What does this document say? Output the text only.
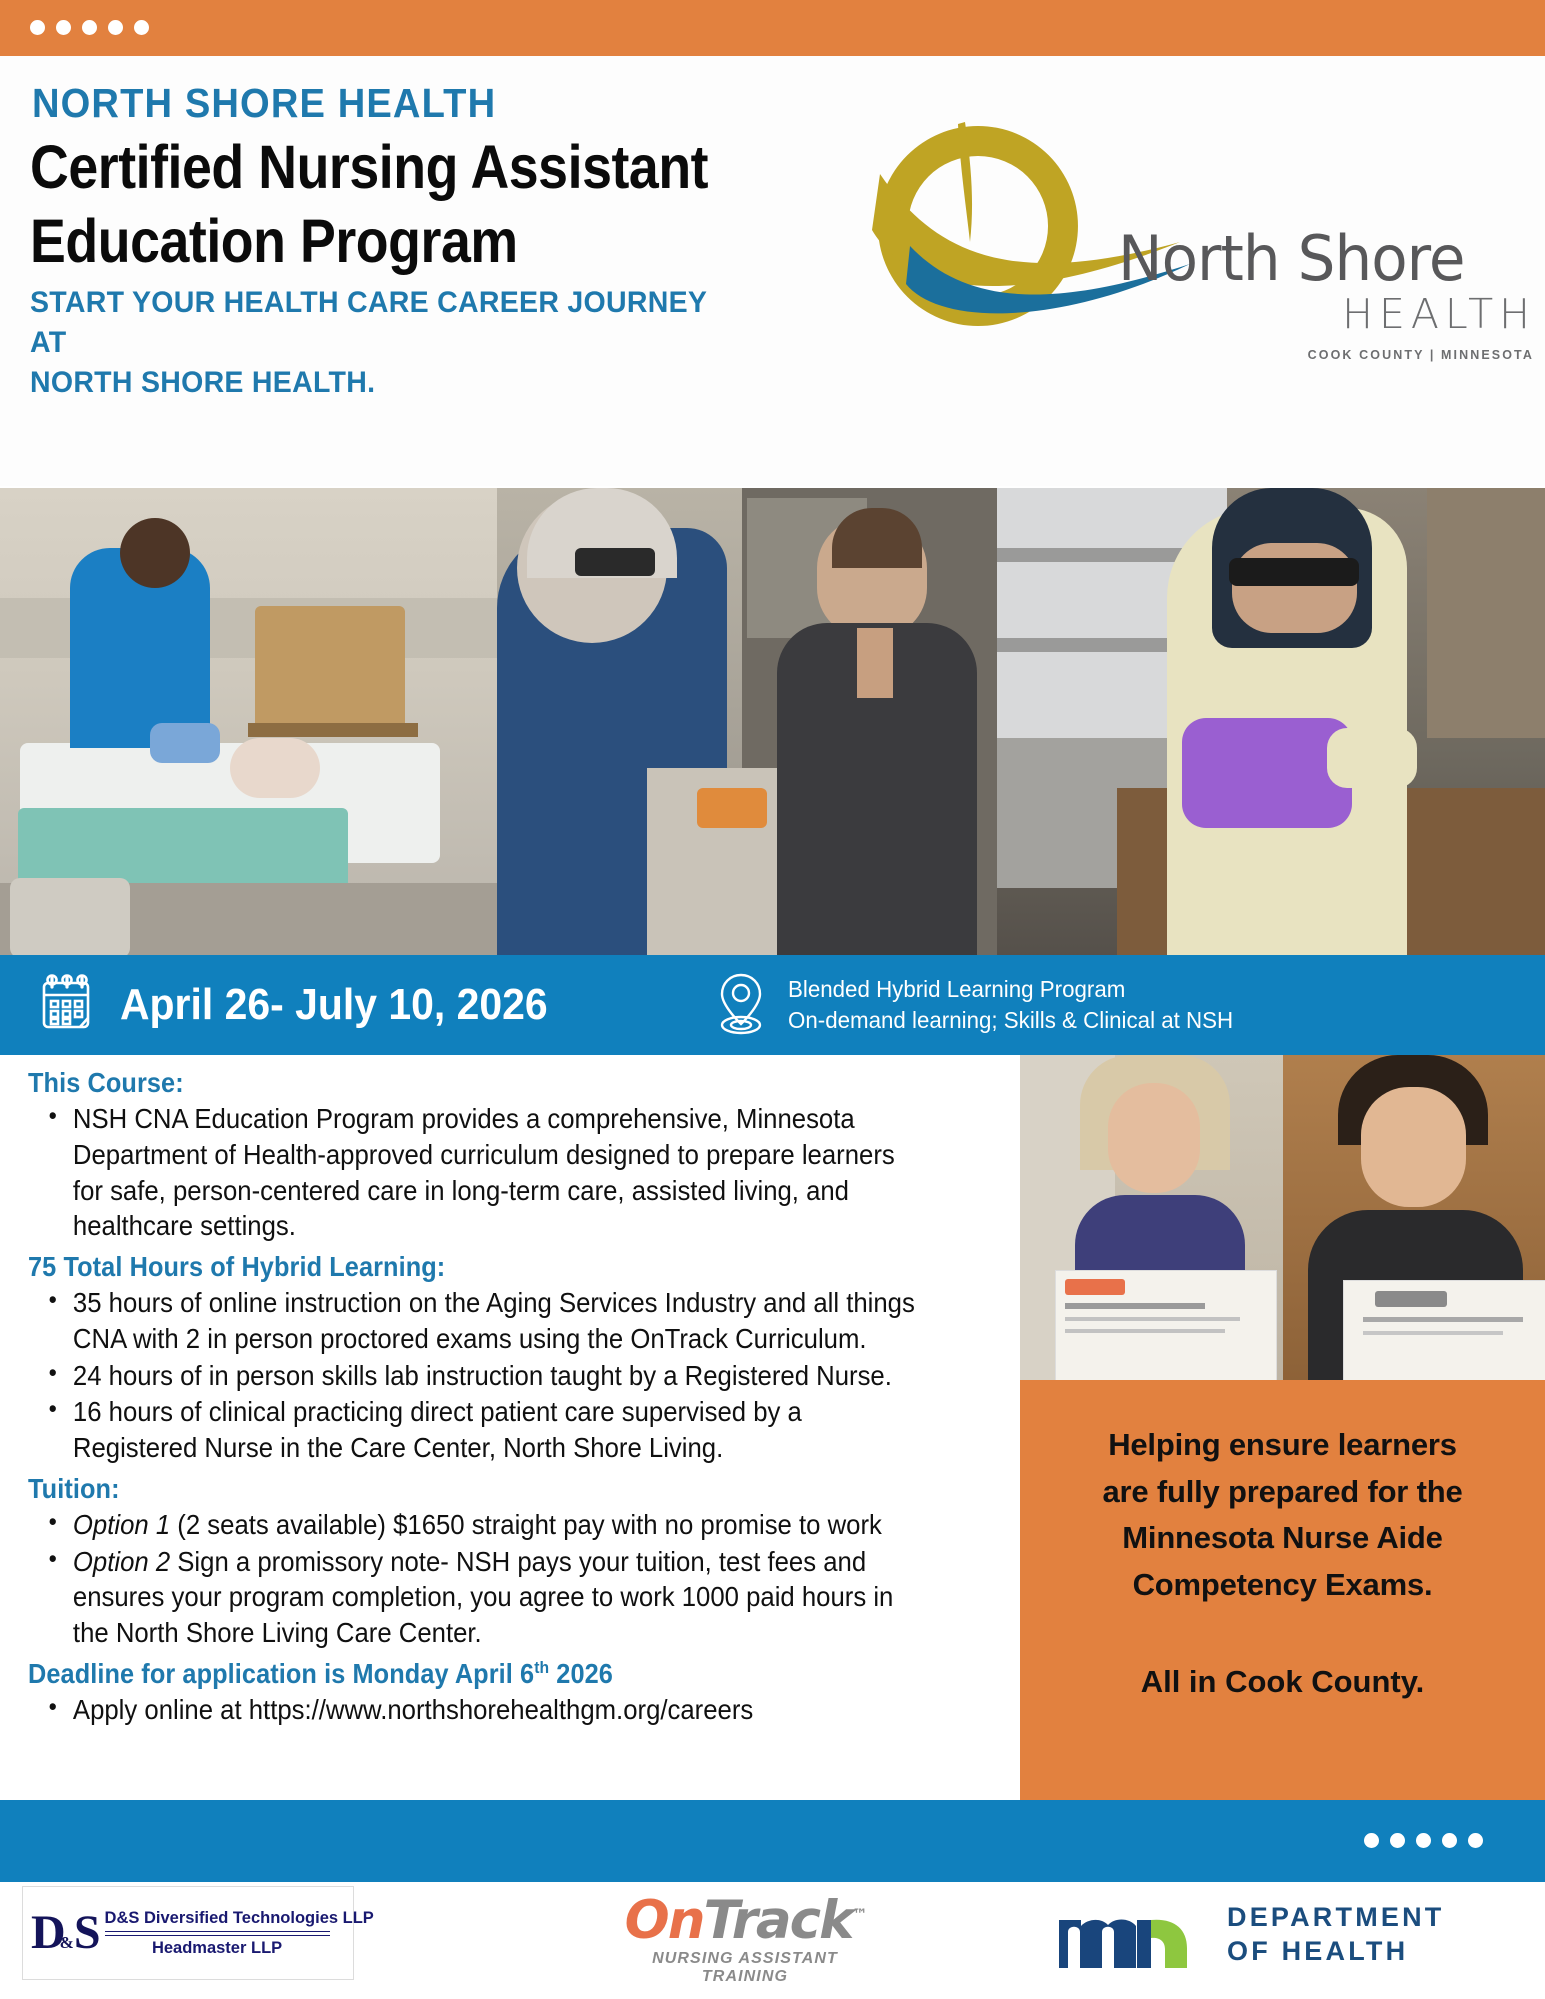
NORTH SHORE HEALTH
Certified Nursing Assistant
Education Program
START YOUR HEALTH CARE CAREER JOURNEY AT
NORTH SHORE HEALTH.
North Shore
HEALTH
COOK COUNTY | MINNESOTA
April 26- July 10, 2026	Blended Hybrid Learning Program
On-demand learning; Skills & Clinical at NSH
This Course:
• NSH CNA Education Program provides a comprehensive, Minnesota Department of Health-approved curriculum designed to prepare learners for safe, person-centered care in long-term care, assisted living, and healthcare settings.
75 Total Hours of Hybrid Learning:
• 35 hours of online instruction on the Aging Services Industry and all things CNA with 2 in person proctored exams using the OnTrack Curriculum.
• 24 hours of in person skills lab instruction taught by a Registered Nurse.
• 16 hours of clinical practicing direct patient care supervised by a Registered Nurse in the Care Center, North Shore Living.
Tuition:
• Option 1 (2 seats available) $1650 straight pay with no promise to work
• Option 2 Sign a promissory note- NSH pays your tuition, test fees and ensures your program completion, you agree to work 1000 paid hours in the North Shore Living Care Center.
Deadline for application is Monday April 6th 2026
• Apply online at https://www.northshorehealthgm.org/careers
Helping ensure learners
are fully prepared for the
Minnesota Nurse Aide
Competency Exams.
All in Cook County.
D&S D&S Diversified Technologies LLP
Headmaster LLP	OnTrack™
NURSING ASSISTANT TRAINING
DEPARTMENT
OF HEALTH
